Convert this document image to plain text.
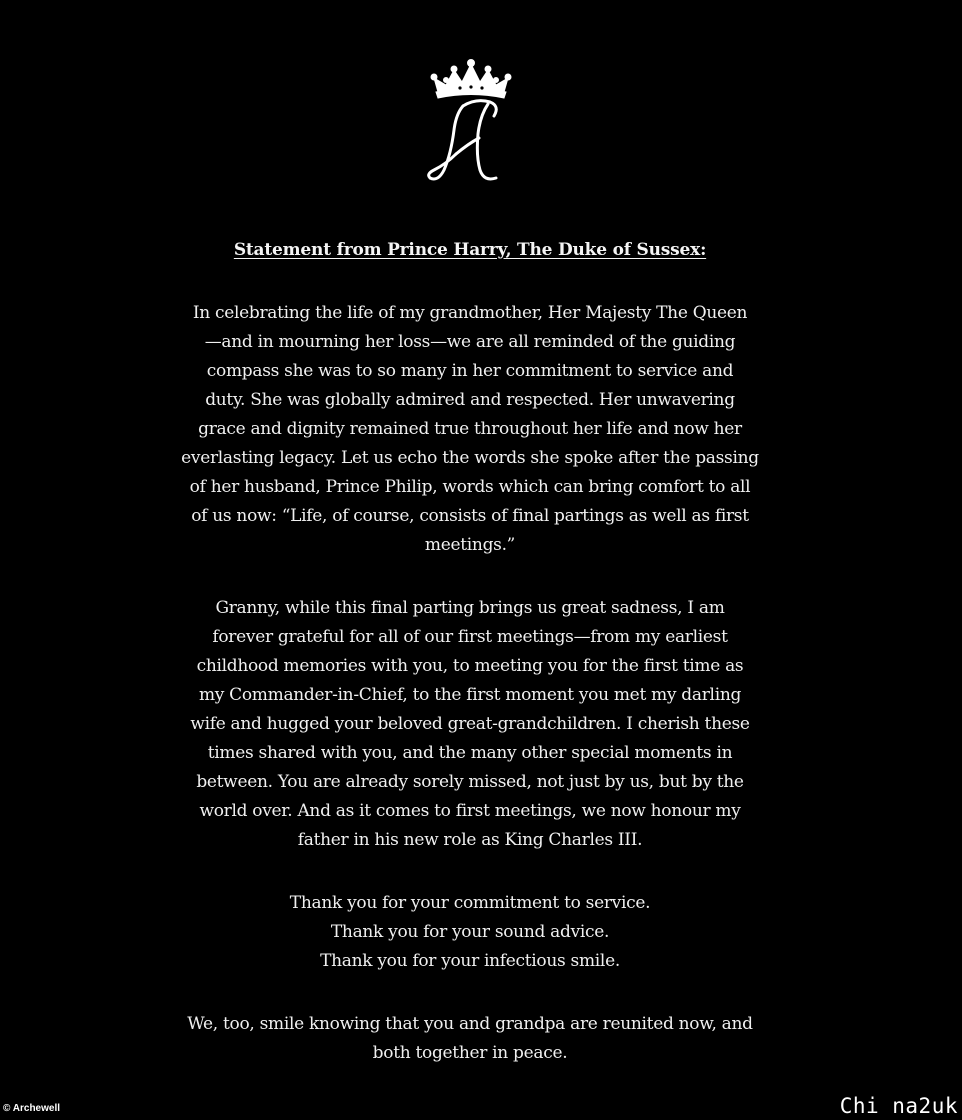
Statement from Prince Harry, The Duke of Sussex:

In celebrating the life of my grandmother, Her Majesty The Queen
—and in mourning her loss—we are all reminded of the guiding
compass she was to so many in her commitment to service and
duty. She was globally admired and respected. Her unwavering
grace and dignity remained true throughout her life and now her
everlasting legacy. Let us echo the words she spoke after the passing
of her husband, Prince Philip, words which can bring comfort to all
of us now: “Life, of course, consists of final partings as well as first
meetings.”

Granny, while this final parting brings us great sadness, I am
forever grateful for all of our first meetings—from my earliest
childhood memories with you, to meeting you for the first time as
my Commander-in-Chief, to the first moment you met my darling
wife and hugged your beloved great-grandchildren. I cherish these
times shared with you, and the many other special moments in
between. You are already sorely missed, not just by us, but by the
world over. And as it comes to first meetings, we now honour my
father in his new role as King Charles III.

Thank you for your commitment to service.
Thank you for your sound advice.
Thank you for your infectious smile.

We, too, smile knowing that you and grandpa are reunited now, and
both together in peace.

© Archewell	Chi na2uk
